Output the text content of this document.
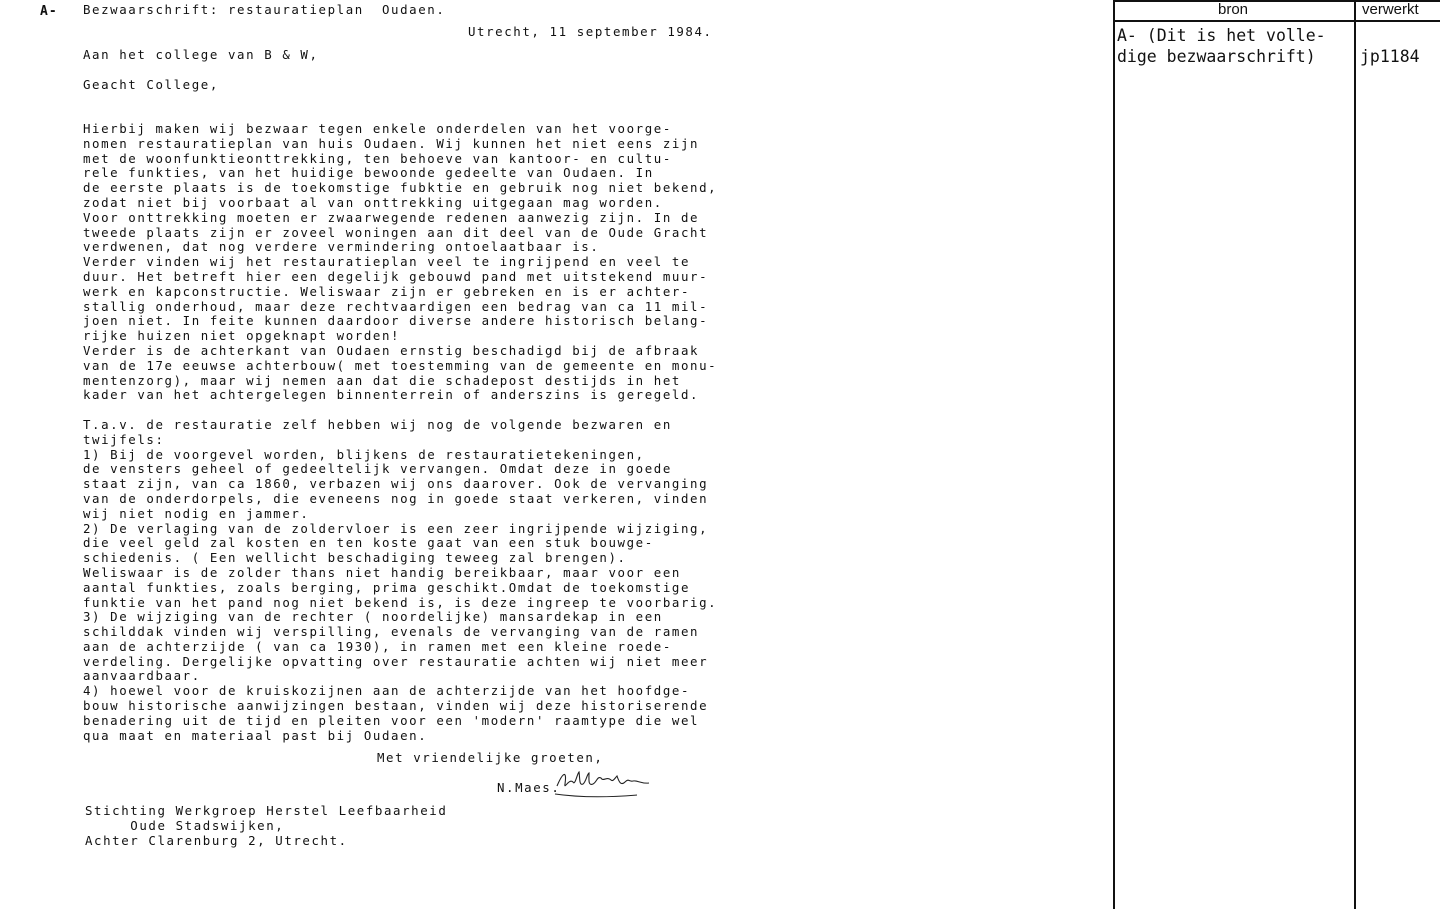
A- Bezwaarschrift: restauratieplan  Oudaen.
Utrecht, 11 september 1984.
Aan het college van B & W,
Geacht College,
Hierbij maken wij bezwaar tegen enkele onderdelen van het voorge-
nomen restauratieplan van huis Oudaen. Wij kunnen het niet eens zijn
met de woonfunktieonttrekking, ten behoeve van kantoor- en cultu-
rele funkties, van het huidige bewoonde gedeelte van Oudaen. In
de eerste plaats is de toekomstige fubktie en gebruik nog niet bekend,
zodat niet bij voorbaat al van onttrekking uitgegaan mag worden.
Voor onttrekking moeten er zwaarwegende redenen aanwezig zijn. In de
tweede plaats zijn er zoveel woningen aan dit deel van de Oude Gracht
verdwenen, dat nog verdere vermindering ontoelaatbaar is.
Verder vinden wij het restauratieplan veel te ingrijpend en veel te
duur. Het betreft hier een degelijk gebouwd pand met uitstekend muur-
werk en kapconstructie. Weliswaar zijn er gebreken en is er achter-
stallig onderhoud, maar deze rechtvaardigen een bedrag van ca 11 mil-
joen niet. In feite kunnen daardoor diverse andere historisch belang-
rijke huizen niet opgeknapt worden!
Verder is de achterkant van Oudaen ernstig beschadigd bij de afbraak
van de 17e eeuwse achterbouw( met toestemming van de gemeente en monu-
mentenzorg), maar wij nemen aan dat die schadepost destijds in het
kader van het achtergelegen binnenterrein of anderszins is geregeld.

T.a.v. de restauratie zelf hebben wij nog de volgende bezwaren en
twijfels:
1) Bij de voorgevel worden, blijkens de restauratietekeningen,
de vensters geheel of gedeeltelijk vervangen. Omdat deze in goede
staat zijn, van ca 1860, verbazen wij ons daarover. Ook de vervanging
van de onderdorpels, die eveneens nog in goede staat verkeren, vinden
wij niet nodig en jammer.
2) De verlaging van de zoldervloer is een zeer ingrijpende wijziging,
die veel geld zal kosten en ten koste gaat van een stuk bouwge-
schiedenis. ( Een wellicht beschadiging teweeg zal brengen).
Weliswaar is de zolder thans niet handig bereikbaar, maar voor een
aantal funkties, zoals berging, prima geschikt.Omdat de toekomstige
funktie van het pand nog niet bekend is, is deze ingreep te voorbarig.
3) De wijziging van de rechter ( noordelijke) mansardekap in een
schilddak vinden wij verspilling, evenals de vervanging van de ramen
aan de achterzijde ( van ca 1930), in ramen met een kleine roede-
verdeling. Dergelijke opvatting over restauratie achten wij niet meer
aanvaardbaar.
4) hoewel voor de kruiskozijnen aan de achterzijde van het hoofdge-
bouw historische aanwijzingen bestaan, vinden wij deze historiserende
benadering uit de tijd en pleiten voor een 'modern' raamtype die wel
qua maat en materiaal past bij Oudaen.
Met vriendelijke groeten,
N.Maes.
Stichting Werkgroep Herstel Leefbaarheid
Oude Stadswijken,
Achter Clarenburg 2, Utrecht.
bron	verwerkt
A- (Dit is het volle-
dige bezwaarschrift)	jp1184
